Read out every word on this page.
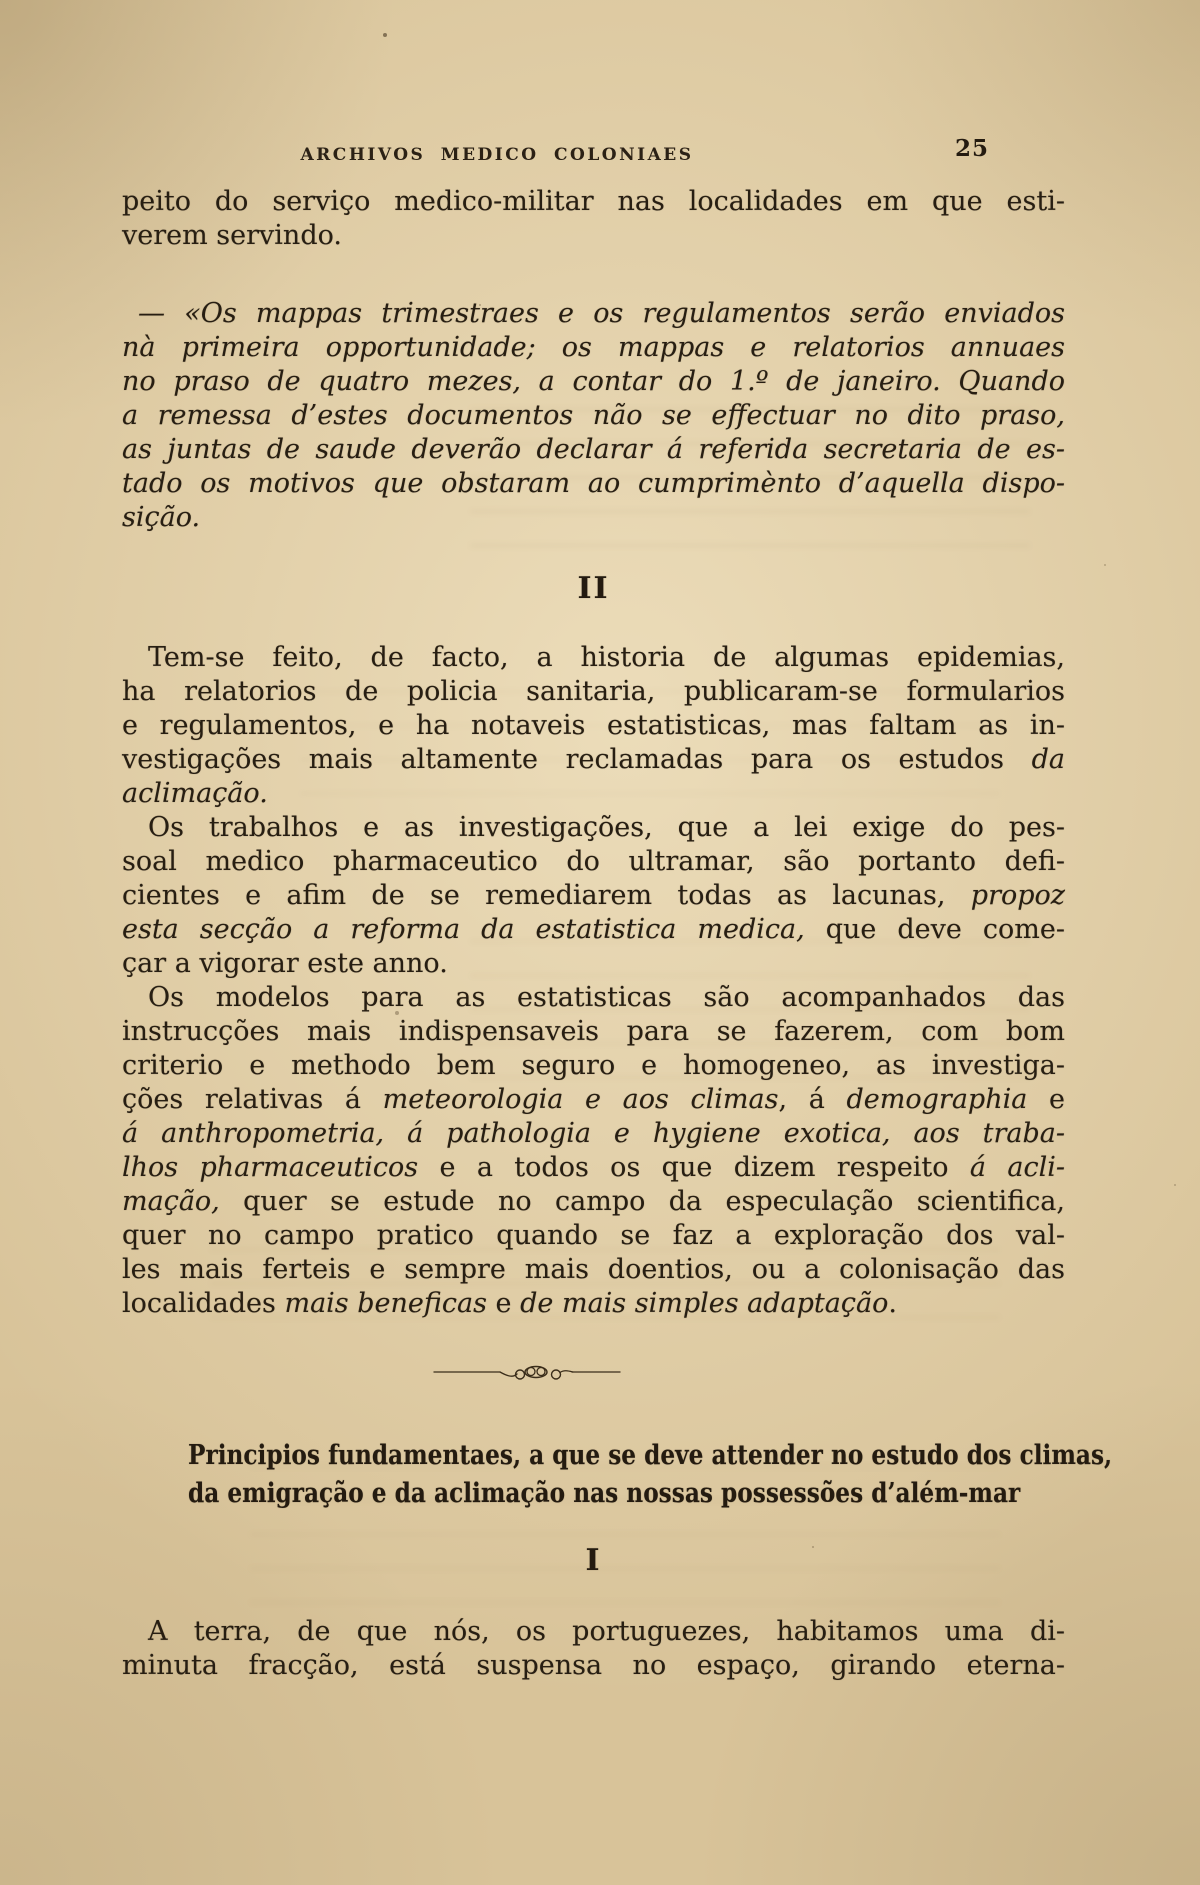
ARCHIVOS MEDICO COLONIAES	25
peito do serviço medico-militar nas localidades em que esti-
verem servindo.
— «Os mappas trimestraes e os regulamentos serão enviados
nà primeira opportunidade; os mappas e relatorios annuaes
no praso de quatro mezes, a contar do 1.º de janeiro. Quando
a remessa d’estes documentos não se effectuar no dito praso,
as juntas de saude deverão declarar á referida secretaria de es-
tado os motivos que obstaram ao cumprimènto d’aquella dispo-
sição.
II
Tem-se feito, de facto, a historia de algumas epidemias,
ha relatorios de policia sanitaria, publicaram-se formularios
e regulamentos, e ha notaveis estatisticas, mas faltam as in-
vestigações mais altamente reclamadas para os estudos da
aclimação.
Os trabalhos e as investigações, que a lei exige do pes-
soal medico pharmaceutico do ultramar, são portanto defi-
cientes e afim de se remediarem todas as lacunas, propoz
esta secção a reforma da estatistica medica, que deve come-
çar a vigorar este anno.
Os modelos para as estatisticas são acompanhados das
instrucções mais indispensaveis para se fazerem, com bom
criterio e methodo bem seguro e homogeneo, as investiga-
ções relativas á meteorologia e aos climas, á demographia e
á anthropometria, á pathologia e hygiene exotica, aos traba-
lhos pharmaceuticos e a todos os que dizem respeito á acli-
mação, quer se estude no campo da especulação scientifica,
quer no campo pratico quando se faz a exploração dos val-
les mais ferteis e sempre mais doentios, ou a colonisação das
localidades mais beneficas e de mais simples adaptação.
Principios fundamentaes, a que se deve attender no estudo dos climas,
da emigração e da aclimação nas nossas possessões d’além-mar
I
A terra, de que nós, os portuguezes, habitamos uma di-
minuta fracção, está suspensa no espaço, girando eterna-
